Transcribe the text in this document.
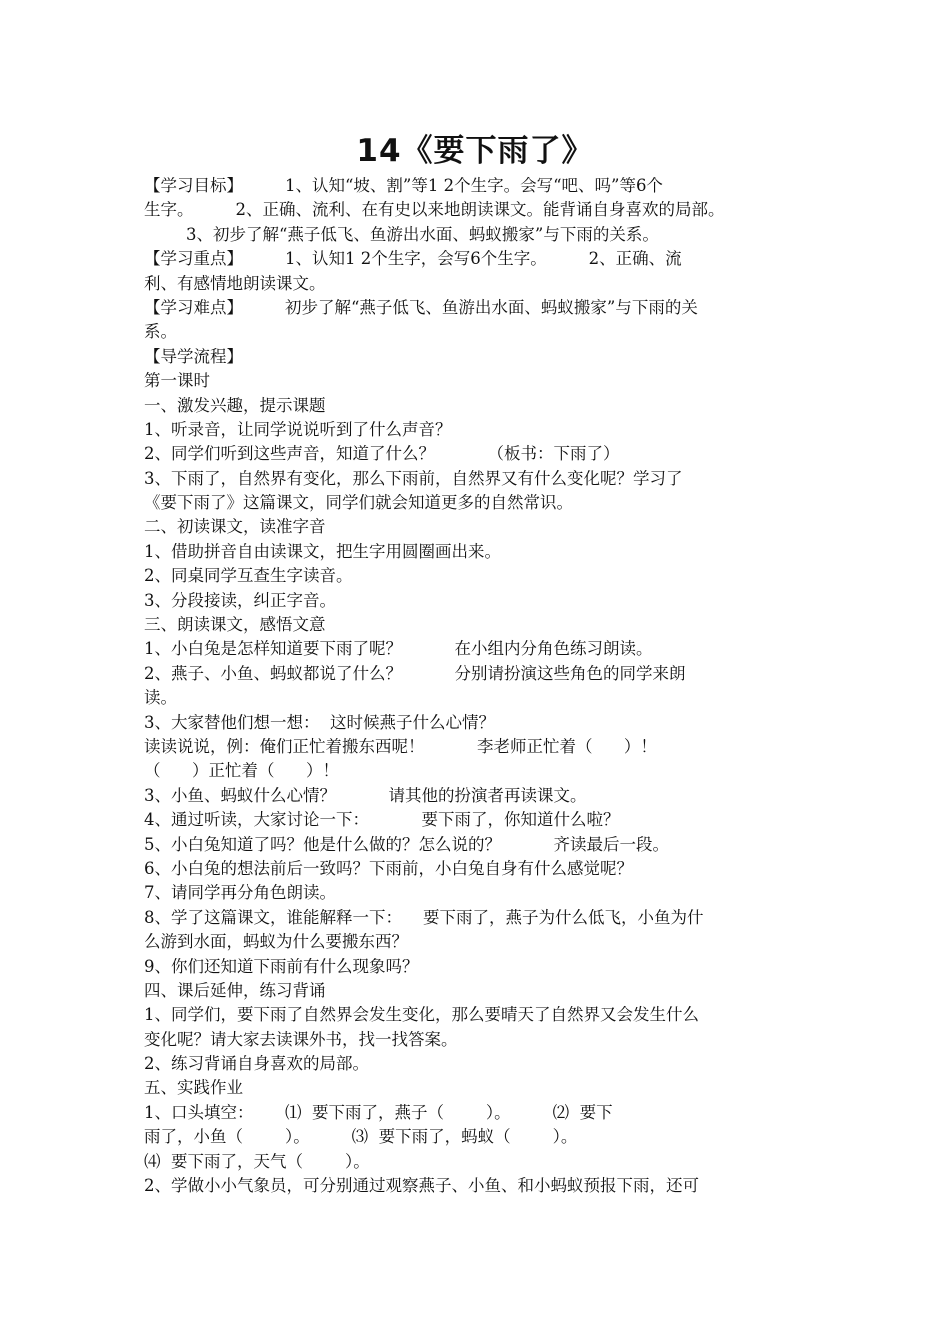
14《要下雨了》
【学习目标】        1、认知“坡、割”等1 2个生字。会写“吧、吗”等6个
生字。        2、正确、流利、在有史以来地朗读课文。能背诵自身喜欢的局部。
3、初步了解“燕子低飞、鱼游出水面、蚂蚁搬家”与下雨的关系。
【学习重点】        1、认知1 2个生字，会写6个生字。        2、正确、流
利、有感情地朗读课文。
【学习难点】        初步了解“燕子低飞、鱼游出水面、蚂蚁搬家”与下雨的关
系。
【导学流程】
第一课时
一、激发兴趣，提示课题
1、听录音，让同学说说听到了什么声音？
2、同学们听到这些声音，知道了什么？          （板书：下雨了）
3、下雨了，自然界有变化，那么下雨前，自然界又有什么变化呢？学习了
《要下雨了》这篇课文，同学们就会知道更多的自然常识。
二、初读课文，读准字音
1、借助拼音自由读课文，把生字用圆圈画出来。
2、同桌同学互查生字读音。
3、分段接读，纠正字音。
三、朗读课文，感悟文意
1、小白兔是怎样知道要下雨了呢？          在小组内分角色练习朗读。
2、燕子、小鱼、蚂蚁都说了什么？          分别请扮演这些角色的同学来朗
读。
3、大家替他们想一想：  这时候燕子什么心情？
读读说说，例：俺们正忙着搬东西呢！          李老师正忙着（      ）！
（      ）正忙着（      ）！
3、小鱼、蚂蚁什么心情？          请其他的扮演者再读课文。
4、通过听读，大家讨论一下：          要下雨了，你知道什么啦？
5、小白兔知道了吗？他是什么做的？怎么说的？          齐读最后一段。
6、小白兔的想法前后一致吗？下雨前，小白兔自身有什么感觉呢？
7、请同学再分角色朗读。
8、学了这篇课文，谁能解释一下：    要下雨了，燕子为什么低飞，小鱼为什
么游到水面，蚂蚁为什么要搬东西？
9、你们还知道下雨前有什么现象吗？
四、课后延伸，练习背诵
1、同学们，要下雨了自然界会发生变化，那么要晴天了自然界又会发生什么
变化呢？请大家去读课外书，找一找答案。
2、练习背诵自身喜欢的局部。
五、实践作业
1、口头填空：      ⑴  要下雨了，燕子（        ）。        ⑵  要下
雨了，小鱼（        ）。        ⑶  要下雨了，蚂蚁（        ）。
⑷  要下雨了，天气（        ）。
2、学做小小气象员，可分别通过观察燕子、小鱼、和小蚂蚁预报下雨，还可
